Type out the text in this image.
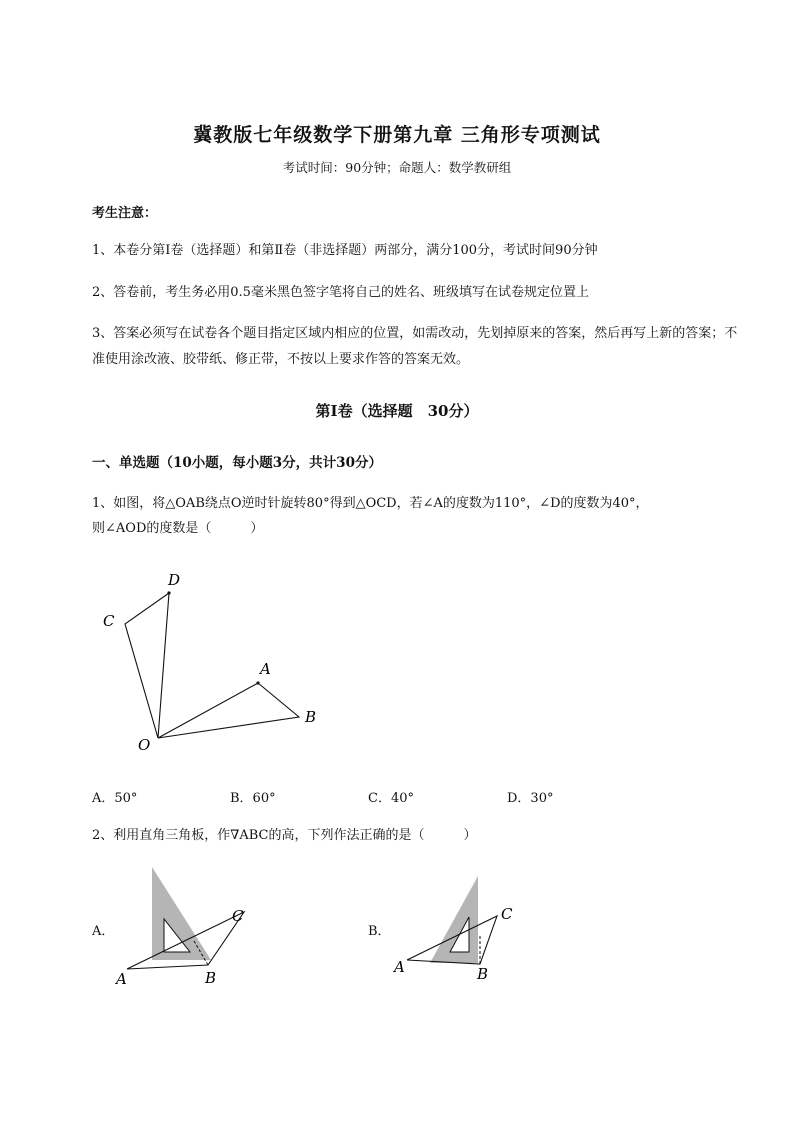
冀教版七年级数学下册第九章 三角形专项测试
考试时间：90分钟；命题人：数学教研组
考生注意：
1、本卷分第I卷（选择题）和第Ⅱ卷（非选择题）两部分，满分100分，考试时间90分钟
2、答卷前，考生务必用0.5毫米黑色签字笔将自己的姓名、班级填写在试卷规定位置上
3、答案必须写在试卷各个题目指定区域内相应的位置，如需改动，先划掉原来的答案，然后再写上新的答案；不准使用涂改液、胶带纸、修正带，不按以上要求作答的答案无效。
第I卷（选择题　30分）
一、单选题（10小题，每小题3分，共计30分）
1、如图，将△OAB绕点O逆时针旋转80°得到△OCD，若∠A的度数为110°，∠D的度数为40°，
则∠AOD的度数是（　　　）
D
C
A
B
O
A．50°	B．60°	C．40°	D．30°
2、利用直角三角板，作∇ABC的高，下列作法正确的是（　　　）
A．
A	B
C
B．
A	B
C
